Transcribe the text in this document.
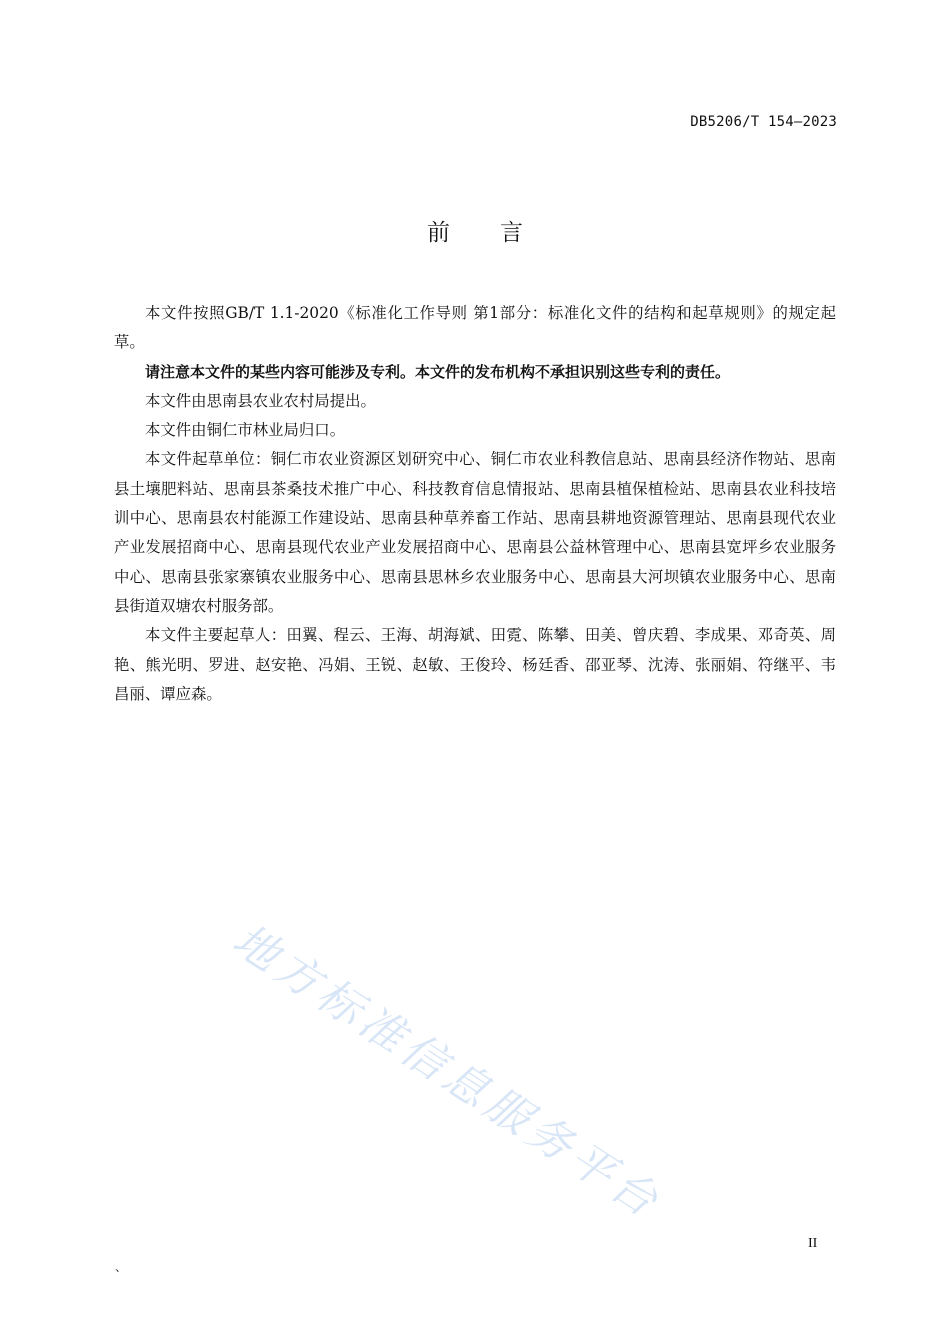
DB5206/T 154—2023
前 言

本文件按照GB/T 1.1-2020《标准化工作导则 第1部分：标准化文件的结构和起草规则》的规定起草。

请注意本文件的某些内容可能涉及专利。本文件的发布机构不承担识别这些专利的责任。

本文件由思南县农业农村局提出。

本文件由铜仁市林业局归口。

本文件起草单位：铜仁市农业资源区划研究中心、铜仁市农业科教信息站、思南县经济作物站、思南县土壤肥料站、思南县茶桑技术推广中心、科技教育信息情报站、思南县植保植检站、思南县农业科技培训中心、思南县农村能源工作建设站、思南县种草养畜工作站、思南县耕地资源管理站、思南县现代农业产业发展招商中心、思南县现代农业产业发展招商中心、思南县公益林管理中心、思南县宽坪乡农业服务中心、思南县张家寨镇农业服务中心、思南县思林乡农业服务中心、思南县大河坝镇农业服务中心、思南县街道双塘农村服务部。

本文件主要起草人：田翼、程云、王海、胡海斌、田霓、陈攀、田美、曾庆碧、李成果、邓奇英、周艳、熊光明、罗进、赵安艳、冯娟、王锐、赵敏、王俊玲、杨廷香、邵亚琴、沈涛、张丽娟、符继平、韦昌丽、谭应森。

地方标准信息服务平台
II
、
